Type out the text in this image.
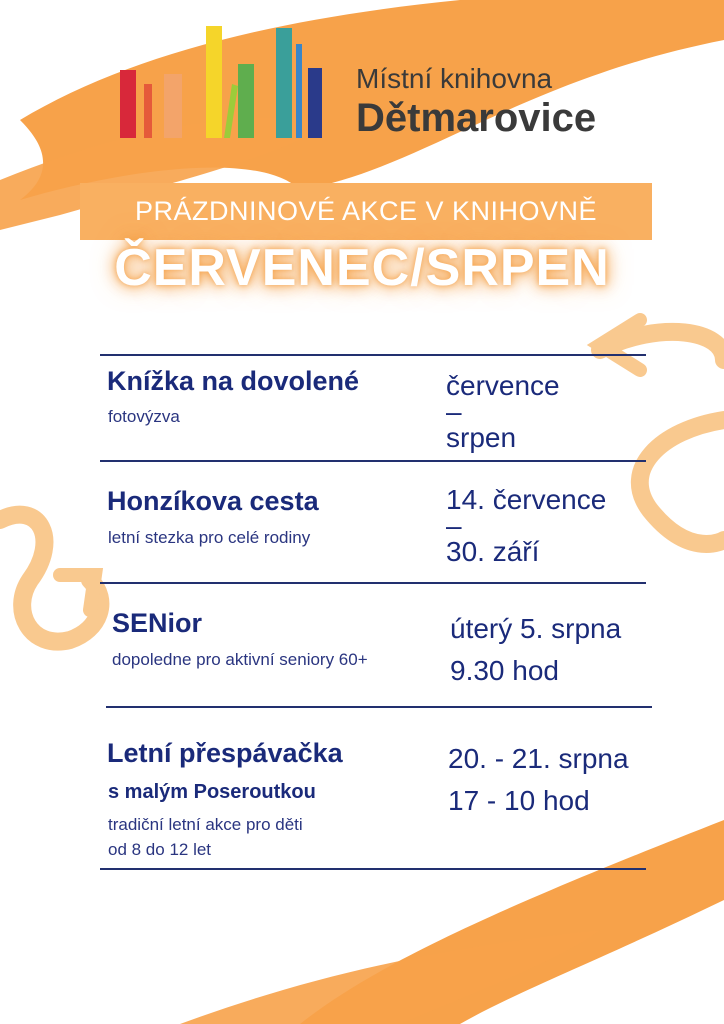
Místní knihovna
Dětmarovice
PRÁZDNINOVÉ AKCE V KNIHOVNĚ
ČERVENEC/SRPEN
Knížka na dovolené
fotovýzva
července
–
srpen
Honzíkova cesta
letní stezka pro celé rodiny
14. července
–
30. září
SENior
dopoledne pro aktivní seniory 60+
úterý 5. srpna
9.30 hod
Letní přespávačka
s malým Poseroutkou
tradiční letní akce pro děti
od 8 do 12 let
20. - 21. srpna
17 - 10 hod
